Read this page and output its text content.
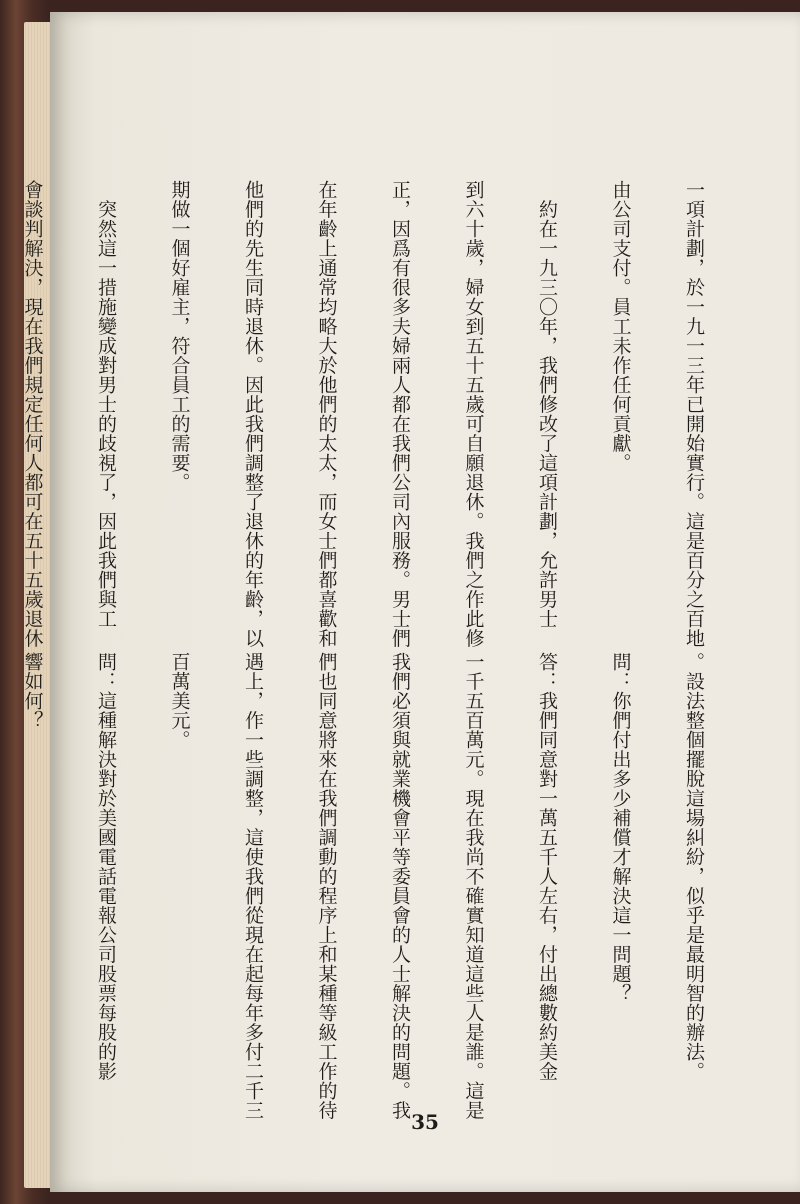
一項計劃，於一九一三年已開始實行。這是百分之百地

由公司支付。員工未作任何貢獻。

　約在一九三〇年，我們修改了這項計劃，允許男士

到六十歲，婦女到五十五歲可自願退休。我們之作此修

正，因爲有很多夫婦兩人都在我們公司內服務。男士們

在年齡上通常均略大於他們的太太，而女士們都喜歡和

他們的先生同時退休。因此我們調整了退休的年齡，以

期做一個好雇主，符合員工的需要。

　突然這一措施變成對男士的歧視了，因此我們與工

會談判解決，現在我們規定任何人都可在五十五歲退休

。設法整個擺脫這場糾紛，似乎是最明智的辦法。

問：你們付出多少補償才解決這一問題？

答：我們同意對一萬五千人左右，付出總數約美金

一千五百萬元。現在我尚不確實知道這些人是誰。這是

我們必須與就業機會平等委員會的人士解決的問題。我

們也同意將來在我們調動的程序上和某種等級工作的待

遇上，作一些調整，這使我們從現在起每年多付二千三

百萬美元。

問：這種解決對於美國電話電報公司股票每股的影

響如何？

35
